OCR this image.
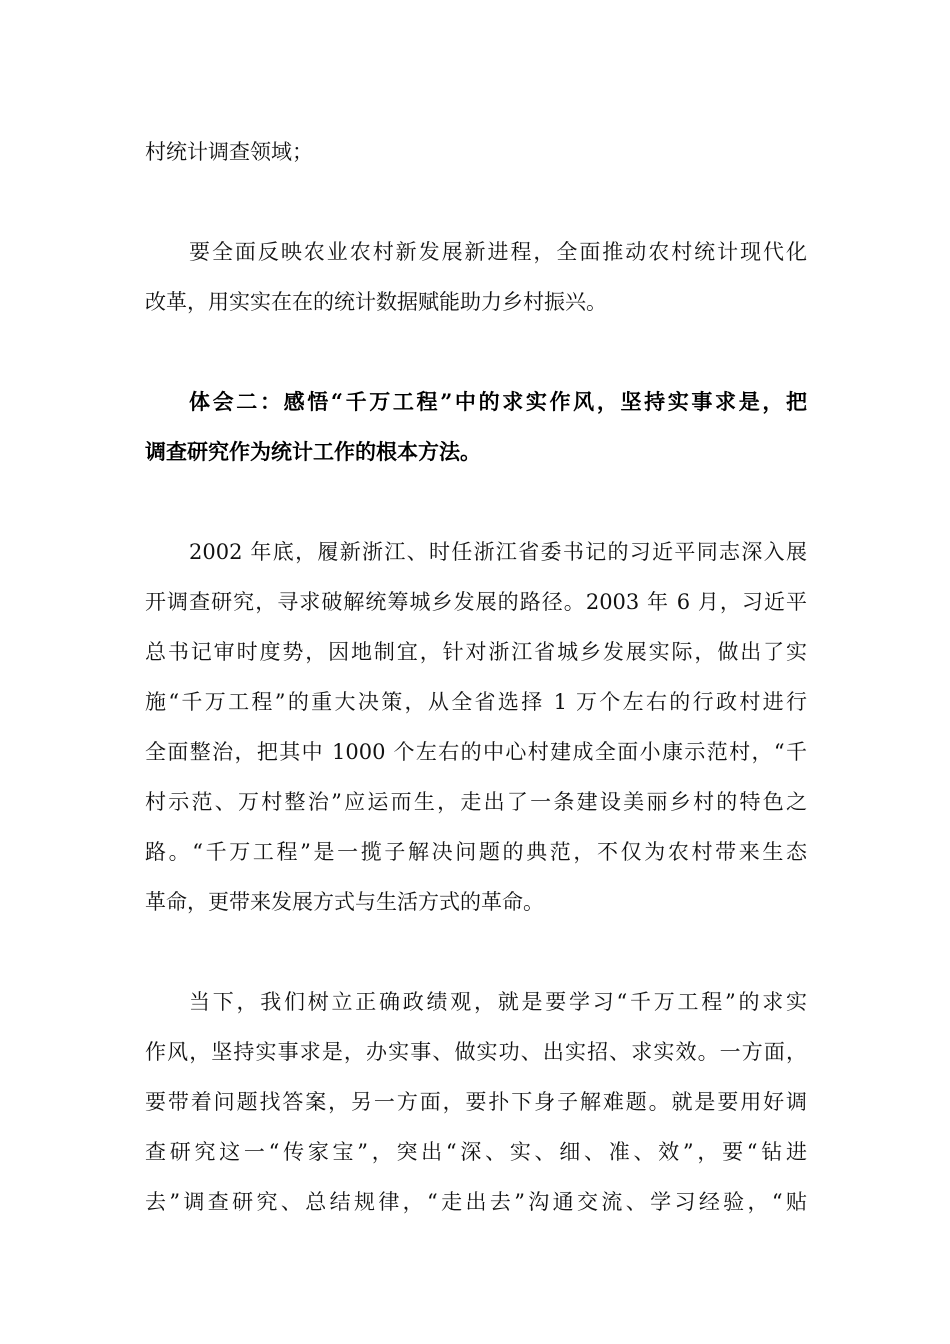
村统计调查领域；

要全面反映农业农村新发展新进程，全面推动农村统计现代化

改革，用实实在在的统计数据赋能助力乡村振兴。

体会二：感悟“千万工程”中的求实作风，坚持实事求是，把

调查研究作为统计工作的根本方法。

2002 年底，履新浙江、时任浙江省委书记的习近平同志深入展

开调查研究，寻求破解统筹城乡发展的路径。2003 年 6 月，习近平

总书记审时度势，因地制宜，针对浙江省城乡发展实际，做出了实

施“千万工程”的重大决策，从全省选择 1 万个左右的行政村进行

全面整治，把其中 1000 个左右的中心村建成全面小康示范村，“千

村示范、万村整治”应运而生，走出了一条建设美丽乡村的特色之

路。“千万工程”是一揽子解决问题的典范，不仅为农村带来生态

革命，更带来发展方式与生活方式的革命。

当下，我们树立正确政绩观，就是要学习“千万工程”的求实

作风，坚持实事求是，办实事、做实功、出实招、求实效。一方面，

要带着问题找答案，另一方面，要扑下身子解难题。就是要用好调

查研究这一“传家宝”，突出“深、实、细、准、效”，要“钻进

去”调查研究、总结规律，“走出去”沟通交流、学习经验，“贴
